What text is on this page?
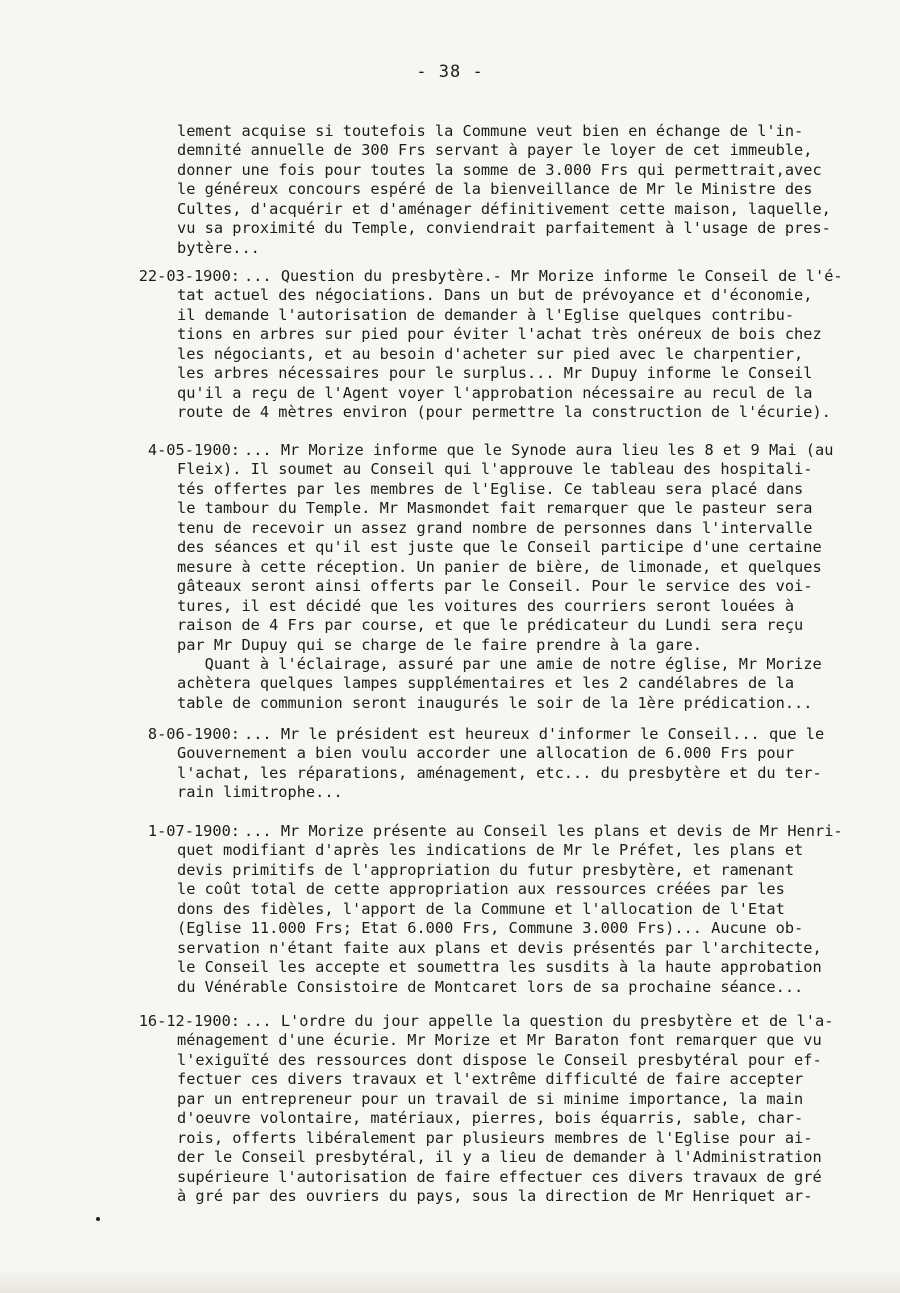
- 38 -
lement acquise si toutefois la Commune veut bien en échange de l'in-
demnité annuelle de 300 Frs servant à payer le loyer de cet immeuble,
donner une fois pour toutes la somme de 3.000 Frs qui permettrait,avec
le généreux concours espéré de la bienveillance de Mr le Ministre des
Cultes, d'acquérir et d'aménager définitivement cette maison, laquelle,
vu sa proximité du Temple, conviendrait parfaitement à l'usage de pres-
bytère...
22-03-1900: ... Question du presbytère.- Mr Morize informe le Conseil de l'é-
tat actuel des négociations. Dans un but de prévoyance et d'économie,
il demande l'autorisation de demander à l'Eglise quelques contribu-
tions en arbres sur pied pour éviter l'achat très onéreux de bois chez
les négociants, et au besoin d'acheter sur pied avec le charpentier,
les arbres nécessaires pour le surplus... Mr Dupuy informe le Conseil
qu'il a reçu de l'Agent voyer l'approbation nécessaire au recul de la
route de 4 mètres environ (pour permettre la construction de l'écurie).
4-05-1900: ... Mr Morize informe que le Synode aura lieu les 8 et 9 Mai (au
Fleix). Il soumet au Conseil qui l'approuve le tableau des hospitali-
tés offertes par les membres de l'Eglise. Ce tableau sera placé dans
le tambour du Temple. Mr Masmondet fait remarquer que le pasteur sera
tenu de recevoir un assez grand nombre de personnes dans l'intervalle
des séances et qu'il est juste que le Conseil participe d'une certaine
mesure à cette réception. Un panier de bière, de limonade, et quelques
gâteaux seront ainsi offerts par le Conseil. Pour le service des voi-
tures, il est décidé que les voitures des courriers seront louées à
raison de 4 Frs par course, et que le prédicateur du Lundi sera reçu
par Mr Dupuy qui se charge de le faire prendre à la gare.
Quant à l'éclairage, assuré par une amie de notre église, Mr Morize
achètera quelques lampes supplémentaires et les 2 candélabres de la
table de communion seront inaugurés le soir de la 1ère prédication...
8-06-1900: ... Mr le président est heureux d'informer le Conseil... que le
Gouvernement a bien voulu accorder une allocation de 6.000 Frs pour
l'achat, les réparations, aménagement, etc... du presbytère et du ter-
rain limitrophe...
1-07-1900: ... Mr Morize présente au Conseil les plans et devis de Mr Henri-
quet modifiant d'après les indications de Mr le Préfet, les plans et
devis primitifs de l'appropriation du futur presbytère, et ramenant
le coût total de cette appropriation aux ressources créées par les
dons des fidèles, l'apport de la Commune et l'allocation de l'Etat
(Eglise 11.000 Frs; Etat 6.000 Frs, Commune 3.000 Frs)... Aucune ob-
servation n'étant faite aux plans et devis présentés par l'architecte,
le Conseil les accepte et soumettra les susdits à la haute approbation
du Vénérable Consistoire de Montcaret lors de sa prochaine séance...
16-12-1900: ... L'ordre du jour appelle la question du presbytère et de l'a-
ménagement d'une écurie. Mr Morize et Mr Baraton font remarquer que vu
l'exiguïté des ressources dont dispose le Conseil presbytéral pour ef-
fectuer ces divers travaux et l'extrême difficulté de faire accepter
par un entrepreneur pour un travail de si minime importance, la main
d'oeuvre volontaire, matériaux, pierres, bois équarris, sable, char-
rois, offerts libéralement par plusieurs membres de l'Eglise pour ai-
der le Conseil presbytéral, il y a lieu de demander à l'Administration
supérieure l'autorisation de faire effectuer ces divers travaux de gré
à gré par des ouvriers du pays, sous la direction de Mr Henriquet ar-
